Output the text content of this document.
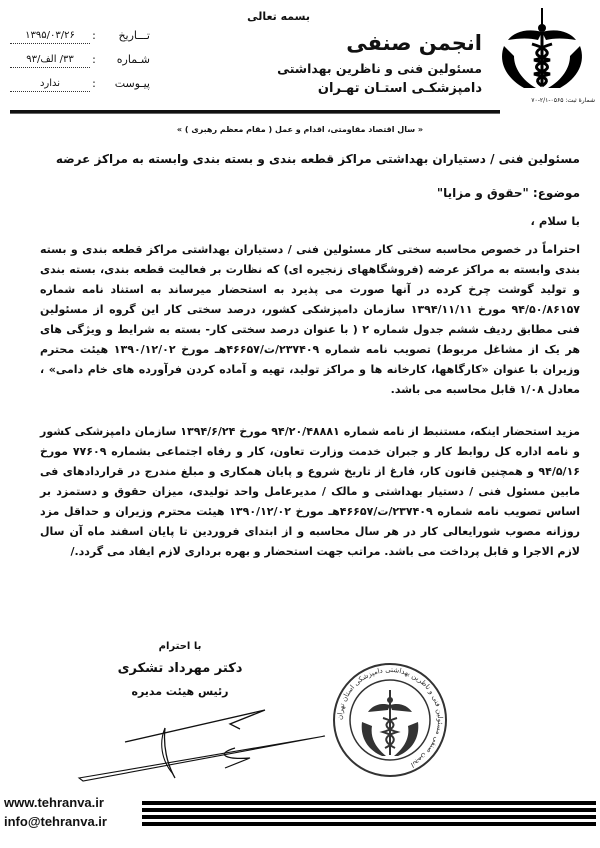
بسمه تعالی
تـــاریخ
:
۱۳۹۵/۰۳/۲۶
شـماره
:
۳۳/ الف/۹۳
پیـوست
:
ندارد
انجمن صنفی
مسئولین فنی و ناظرین بهداشتی
دامپزشکـی استـان تهـران
شمارهٔ ثبت: ۰۵۶۵-۲/۱-۷۰
« سال اقتصاد مقاومتی، اقدام و عمل ( مقام معظم رهبری ) »
مسئولین فنی / دستیاران بهداشتی مراکز قطعه بندی و بسته بندی وابسته به مراکز عرضه
موضوع: "حقوق و مزایا"
با سلام ،
احتراماً در خصوص محاسبه سختی کار مسئولین فنی / دستیاران بهداشتی مراکز قطعه بندی و بسته بندی وابسته به مراکز عرضه (فروشگاههای زنجیره ای) که نظارت بر فعالیت قطعه بندی، بسته بندی و تولید گوشت چرخ کرده در آنها صورت می پذیرد به استحضار میرساند به استناد نامه شماره ۹۴/۵۰/۸۶۱۵۷ مورخ ۱۳۹۴/۱۱/۱۱ سازمان دامپزشکی کشور، درصد سختی کار این گروه از مسئولین فنی مطابق ردیف ششم جدول شماره ۲ ( با عنوان درصد سختی کار- بسته به شرایط و ویژگی های هر یک از مشاغل مربوط) تصویب نامه شماره ۲۳۷۴۰۹/ت/۴۶۶۵۷هـ مورخ ۱۳۹۰/۱۲/۰۲ هیئت محترم وزیران با عنوان «کارگاهها، کارخانه ها و مراکز تولید، تهیه و آماده کردن فرآورده های خام دامی» ، معادل ۱/۰۸ قابل محاسبه می باشد.
مزید استحضار اینکه، مستنبط از نامه شماره ۹۴/۲۰/۴۸۸۸۱ مورخ ۱۳۹۴/۶/۲۴ سازمان دامپزشکی کشور و نامه اداره کل روابط کار و جبران خدمت وزارت تعاون، کار و رفاه اجتماعی بشماره ۷۷۶۰۹ مورخ ۹۴/۵/۱۶ و همچنین قانون کار، فارغ از تاریخ شروع و پایان همکاری و مبلغ مندرج در قراردادهای فی مابین مسئول فنی / دستیار بهداشتی و مالک / مدیرعامل واحد تولیدی، میزان حقوق و دستمزد بر اساس تصویب نامه شماره ۲۳۷۴۰۹/ت/۴۶۶۵۷هـ مورخ ۱۳۹۰/۱۲/۰۲ هیئت محترم وزیران و حداقل مزد روزانه مصوب شورایعالی کار در هر سال محاسبه و از ابتدای فروردین تا پایان اسفند ماه آن سال لازم الاجرا و قابل پرداخت می باشد. مراتب جهت استحضار و بهره برداری لازم ایفاد می گردد./
با احترام
دکتر مهرداد تشکری
رئیس هیئت مدیره
انجمن صنفی مسئولین فنی و ناظرین بهداشتی دامپزشکی استان تهران
www.tehranva.ir
info@tehranva.ir
